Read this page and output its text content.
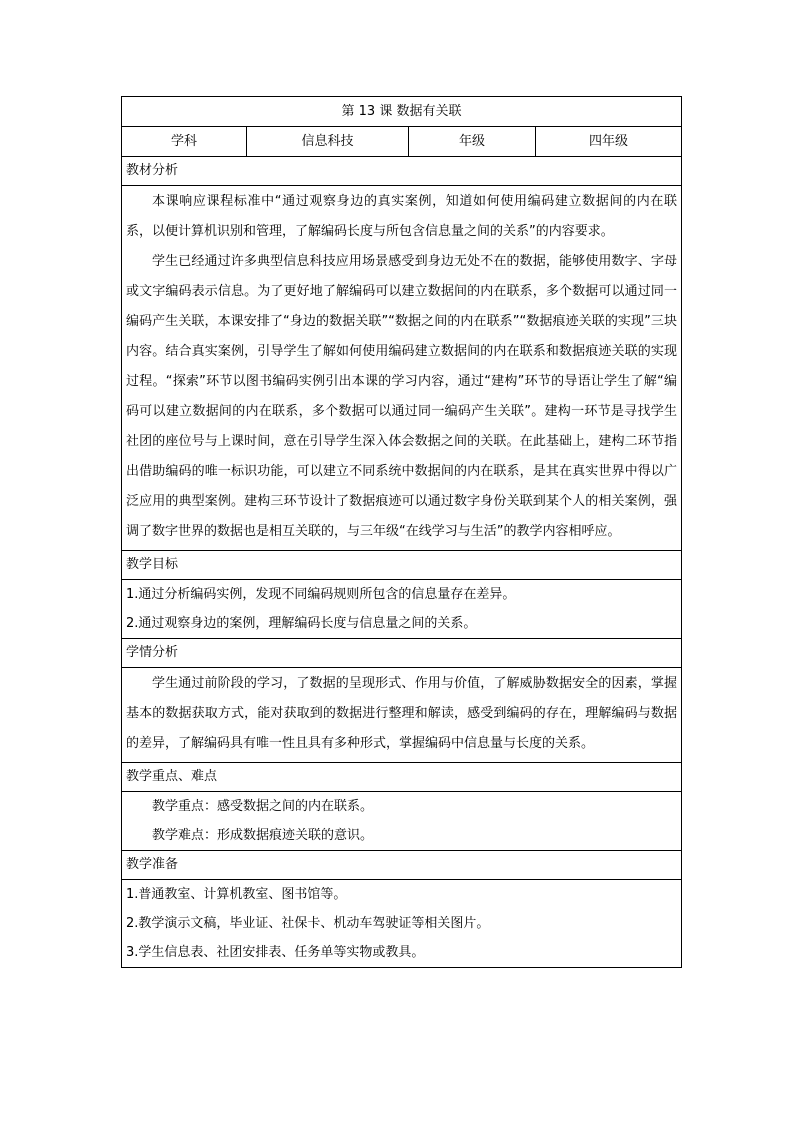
第 13 课 数据有关联
学科	信息科技	年级	四年级
教材分析

本课响应课程标准中“通过观察身边的真实案例，知道如何使用编码建立数据间的内在联系，以便计算机识别和管理，了解编码长度与所包含信息量之间的关系”的内容要求。
学生已经通过许多典型信息科技应用场景感受到身边无处不在的数据，能够使用数字、字母或文字编码表示信息。为了更好地了解编码可以建立数据间的内在联系，多个数据可以通过同一编码产生关联，本课安排了“身边的数据关联”“数据之间的内在联系”“数据痕迹关联的实现”三块内容。结合真实案例，引导学生了解如何使用编码建立数据间的内在联系和数据痕迹关联的实现过程。“探索”环节以图书编码实例引出本课的学习内容，通过“建构”环节的导语让学生了解“编码可以建立数据间的内在联系，多个数据可以通过同一编码产生关联”。建构一环节是寻找学生社团的座位号与上课时间，意在引导学生深入体会数据之间的关联。在此基础上，建构二环节指出借助编码的唯一标识功能，可以建立不同系统中数据间的内在联系，是其在真实世界中得以广泛应用的典型案例。建构三环节设计了数据痕迹可以通过数字身份关联到某个人的相关案例，强调了数字世界的数据也是相互关联的，与三年级“在线学习与生活”的教学内容相呼应。

教学目标

1.通过分析编码实例，发现不同编码规则所包含的信息量存在差异。
2.通过观察身边的案例，理解编码长度与信息量之间的关系。

学情分析
学生通过前阶段的学习，了数据的呈现形式、作用与价值，了解威胁数据安全的因素，掌握基本的数据获取方式，能对获取到的数据进行整理和解读，感受到编码的存在，理解编码与数据的差异，了解编码具有唯一性且具有多种形式，掌握编码中信息量与长度的关系。
教学重点、难点

教学重点：感受数据之间的内在联系。
教学难点：形成数据痕迹关联的意识。

教学准备

1.普通教室、计算机教室、图书馆等。
2.教学演示文稿，毕业证、社保卡、机动车驾驶证等相关图片。
3.学生信息表、社团安排表、任务单等实物或教具。
